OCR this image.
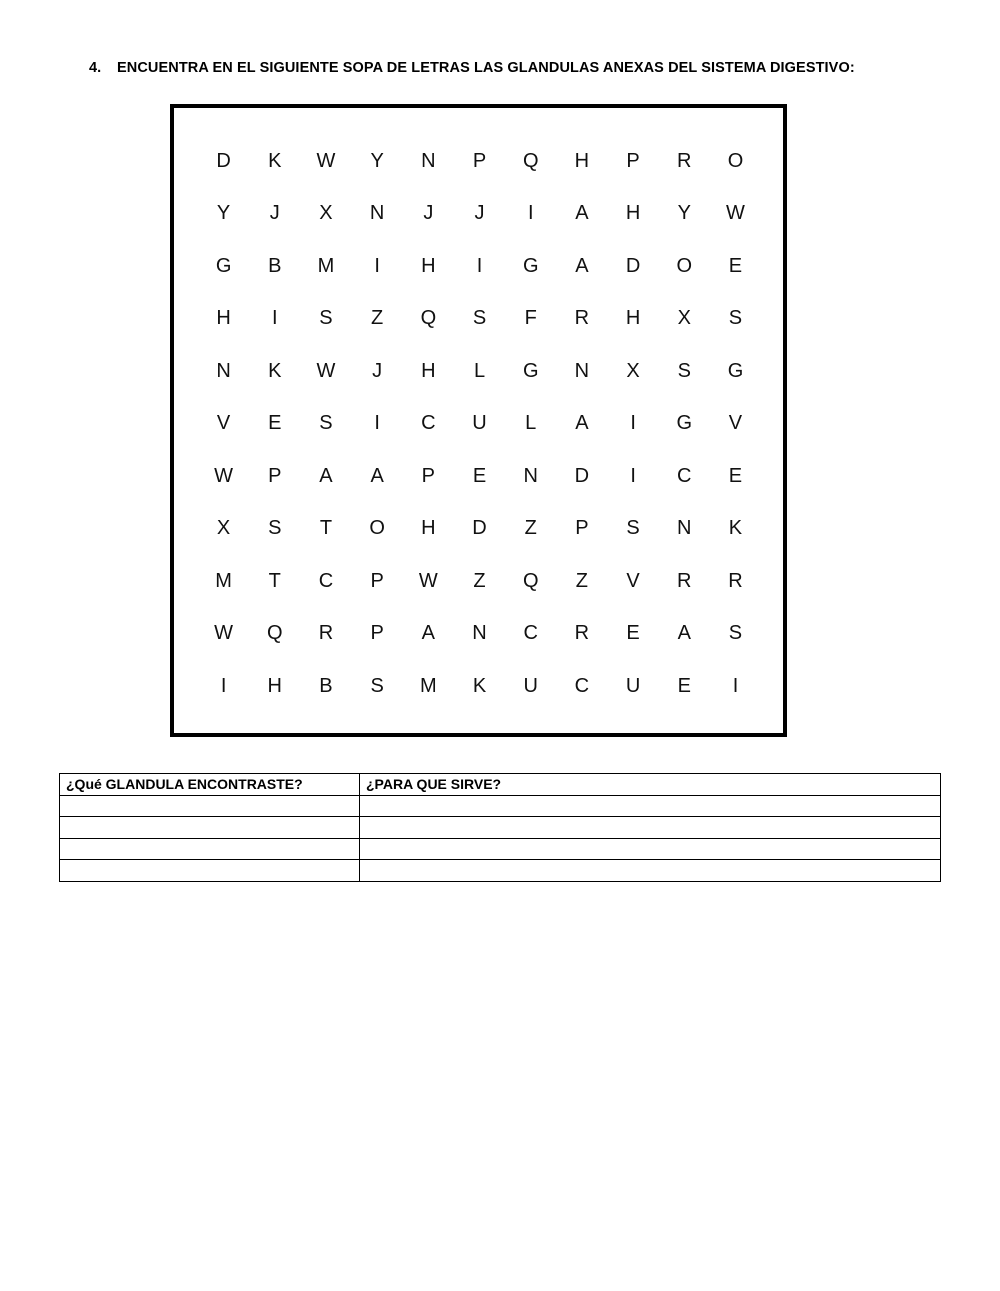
4. ENCUENTRA EN EL SIGUIENTE SOPA DE LETRAS LAS GLANDULAS ANEXAS DEL SISTEMA DIGESTIVO:
D	K	W	Y	N	P	Q	H	P	R	O
Y	J	X	N	J	J	I	A	H	Y	W
G	B	M	I	H	I	G	A	D	O	E
H	I	S	Z	Q	S	F	R	H	X	S
N	K	W	J	H	L	G	N	X	S	G
V	E	S	I	C	U	L	A	I	G	V
W	P	A	A	P	E	N	D	I	C	E
X	S	T	O	H	D	Z	P	S	N	K
M	T	C	P	W	Z	Q	Z	V	R	R
W	Q	R	P	A	N	C	R	E	A	S
I	H	B	S	M	K	U	C	U	E	I
¿Qué GLANDULA ENCONTRASTE?	¿PARA QUE SIRVE?
